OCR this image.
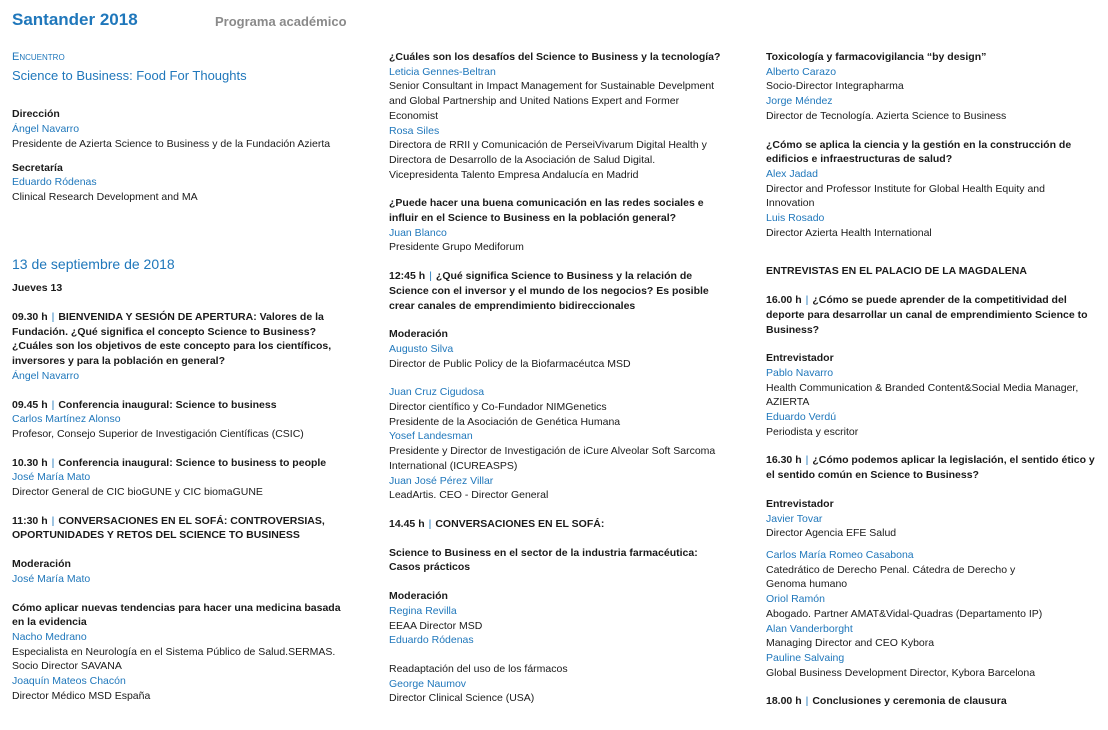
Santander 2018	Programa académico

Encuentro

Science to Business: Food For Thoughts

Dirección

Ángel Navarro

Presidente de Azierta Science to Business y de la Fundación Azierta

Secretaría

Eduardo Ródenas

Clinical Research Development and MA

13 de septiembre de 2018

Jueves 13

09.30 h | BIENVENIDA Y SESIÓN DE APERTURA: Valores de la Fundación. ¿Qué significa el concepto Science to Business? ¿Cuáles son los objetivos de este concepto para los científicos, inversores y para la población en general?

Ángel Navarro

09.45 h | Conferencia inaugural: Science to business

Carlos Martínez Alonso

Profesor, Consejo Superior de Investigación Científicas (CSIC)

10.30 h | Conferencia inaugural: Science to business to people

José María Mato

Director General de CIC bioGUNE y CIC biomaGUNE

11:30 h | CONVERSACIONES EN EL SOFÁ: CONTROVERSIAS, OPORTUNIDADES Y RETOS DEL SCIENCE TO BUSINESS

Moderación

José María Mato

Cómo aplicar nuevas tendencias para hacer una medicina basada en la evidencia

Nacho Medrano

Especialista en Neurología en el Sistema Público de Salud.SERMAS.

Socio Director SAVANA

Joaquín Mateos Chacón

Director Médico MSD España

¿Cuáles son los desafíos del Science to Business y la tecnología?

Leticia Gennes-Beltran

Senior Consultant in Impact Management for Sustainable Develpment and Global Partnership and United Nations Expert and Former Economist

Rosa Siles

Directora de RRII y Comunicación de PerseiVivarum Digital Health y Directora de Desarrollo de la Asociación de Salud Digital. Vicepresidenta Talento Empresa Andalucía en Madrid

¿Puede hacer una buena comunicación en las redes sociales e influir en el Science to Business en la población general?

Juan Blanco

Presidente Grupo Mediforum

12:45 h | ¿Qué significa Science to Business y la relación de Science con el inversor y el mundo de los negocios? Es posible crear canales de emprendimiento bidireccionales

Moderación

Augusto Silva

Director de Public Policy de la Biofarmacéutca MSD

Juan Cruz Cigudosa

Director científico y Co-Fundador NIMGenetics

Presidente de la Asociación de Genética Humana

Yosef Landesman

Presidente y Director de Investigación de iCure Alveolar Soft Sarcoma International (ICUREASPS)

Juan José Pérez Villar

LeadArtis. CEO - Director General

14.45 h | CONVERSACIONES EN EL SOFÁ:

Science to Business en el sector de la industria farmacéutica: Casos prácticos

Moderación

Regina Revilla

EEAA Director MSD

Eduardo Ródenas

Readaptación del uso de los fármacos

George Naumov

Director Clinical Science (USA)

Toxicología y farmacovigilancia “by design”

Alberto Carazo

Socio-Director Integrapharma

Jorge Méndez

Director de Tecnología. Azierta Science to Business

¿Cómo se aplica la ciencia y la gestión en la construcción de edificios e infraestructuras de salud?

Alex Jadad

Director and Professor Institute for Global Health Equity and Innovation

Luis Rosado

Director Azierta Health International

ENTREVISTAS EN EL PALACIO DE LA MAGDALENA

16.00 h | ¿Cómo se puede aprender de la competitividad del deporte para desarrollar un canal de emprendimiento Science to Business?

Entrevistador

Pablo Navarro

Health Communication & Branded Content&Social Media Manager, AZIERTA

Eduardo Verdú

Periodista y escritor

16.30 h | ¿Cómo podemos aplicar la legislación, el sentido ético y el sentido común en Science to Business?

Entrevistador

Javier Tovar

Director Agencia EFE Salud

Carlos María Romeo Casabona

Catedrático de Derecho Penal. Cátedra de Derecho y

Genoma humano

Oriol Ramón

Abogado. Partner AMAT&Vidal-Quadras (Departamento IP)

Alan Vanderborght

Managing Director and CEO Kybora

Pauline Salvaing

Global Business Development Director, Kybora Barcelona

18.00 h | Conclusiones y ceremonia de clausura
